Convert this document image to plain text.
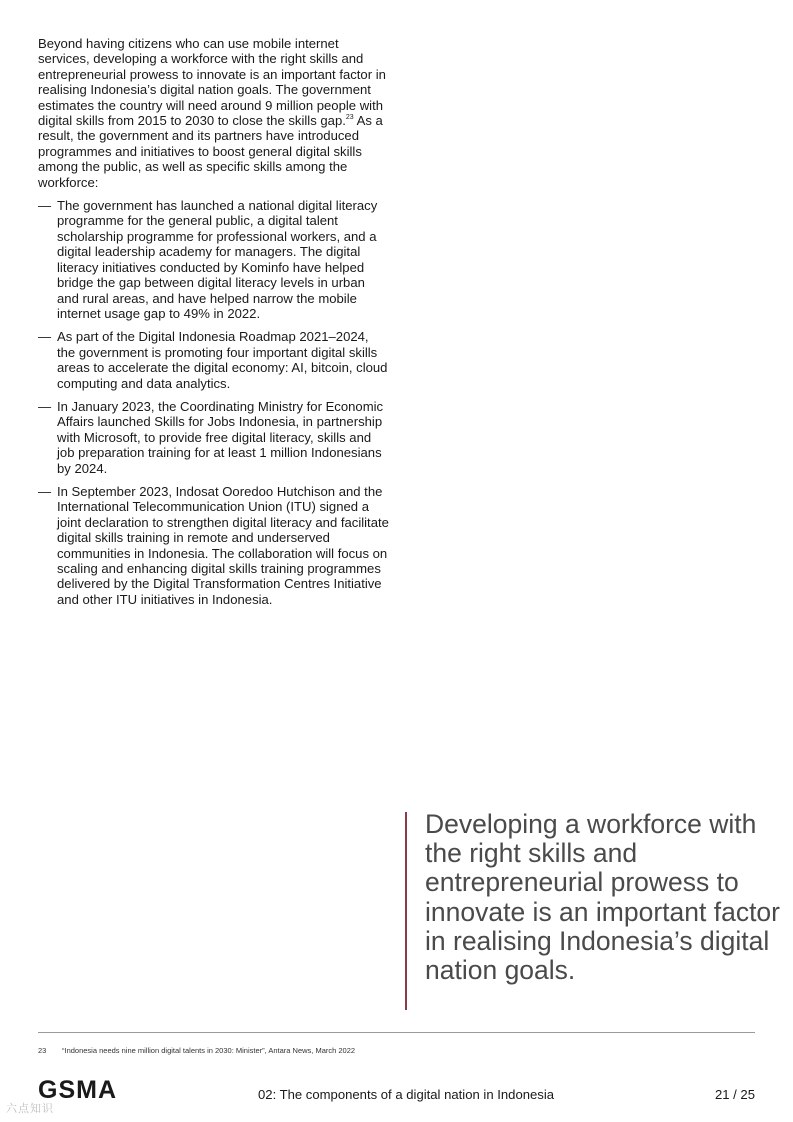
Beyond having citizens who can use mobile internet services, developing a workforce with the right skills and entrepreneurial prowess to innovate is an important factor in realising Indonesia’s digital nation goals. The government estimates the country will need around 9 million people with digital skills from 2015 to 2030 to close the skills gap.$^{23}$ As a result, the government and its partners have introduced programmes and initiatives to boost general digital skills among the public, as well as specific skills among the workforce:

— The government has launched a national digital literacy programme for the general public, a digital talent scholarship programme for professional workers, and a digital leadership academy for managers. The digital literacy initiatives conducted by Kominfo have helped bridge the gap between digital literacy levels in urban and rural areas, and have helped narrow the mobile internet usage gap to 49% in 2022.
— As part of the Digital Indonesia Roadmap 2021–2024, the government is promoting four important digital skills areas to accelerate the digital economy: AI, bitcoin, cloud computing and data analytics.
— In January 2023, the Coordinating Ministry for Economic Affairs launched Skills for Jobs Indonesia, in partnership with Microsoft, to provide free digital literacy, skills and job preparation training for at least 1 million Indonesians by 2024.
— In September 2023, Indosat Ooredoo Hutchison and the International Telecommunication Union (ITU) signed a joint declaration to strengthen digital literacy and facilitate digital skills training in remote and underserved communities in Indonesia. The collaboration will focus on scaling and enhancing digital skills training programmes delivered by the Digital Transformation Centres Initiative and other ITU initiatives in Indonesia.
Developing a workforce with the right skills and entrepreneurial prowess to innovate is an important factor in realising Indonesia’s digital nation goals.
23 “Indonesia needs nine million digital talents in 2030: Minister”, Antara News, March 2022
六点知识
GSMA	02: The components of a digital nation in Indonesia	21 / 25
